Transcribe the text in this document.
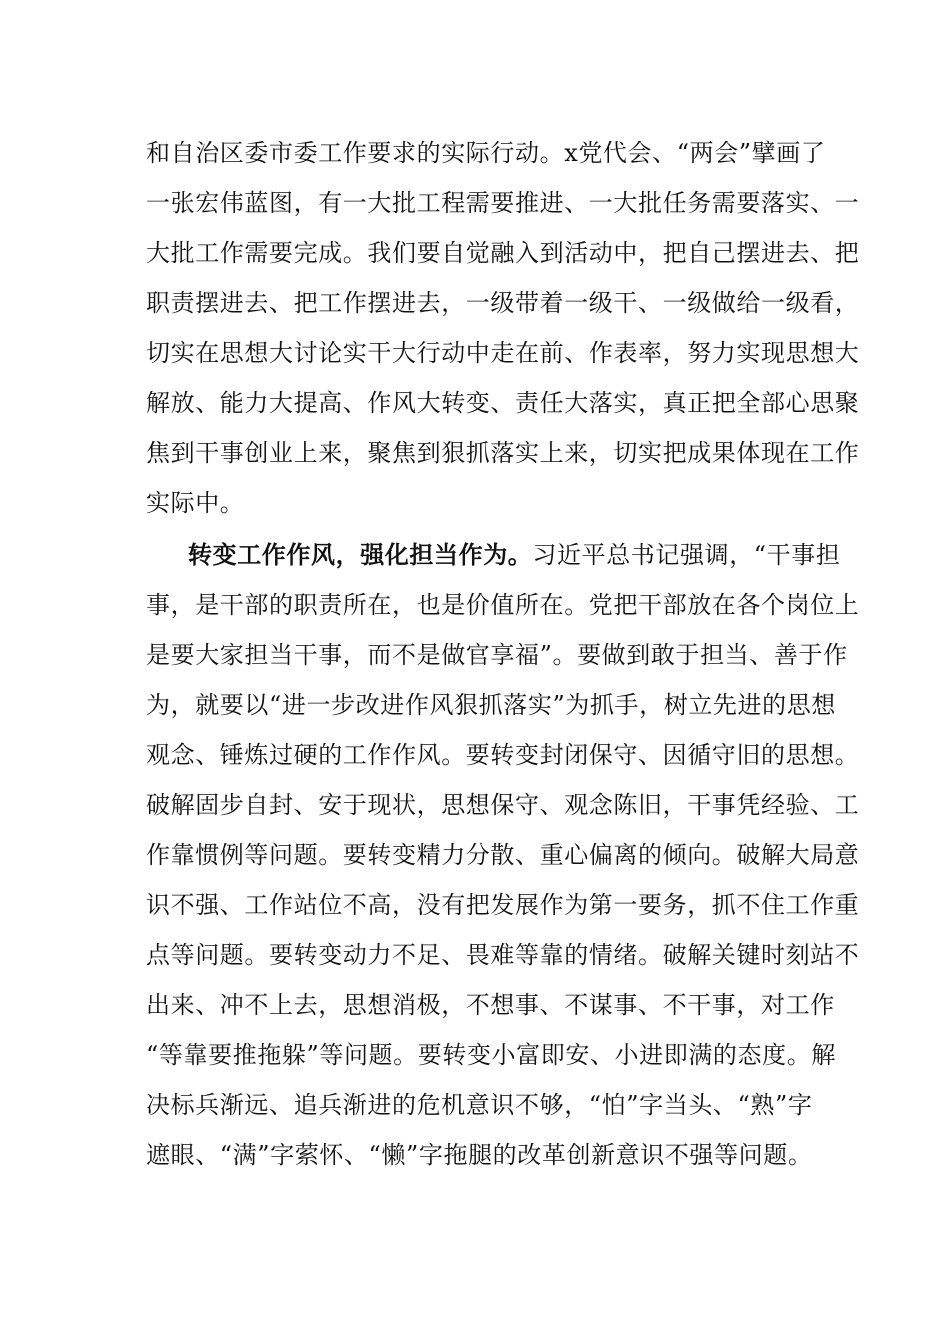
和自治区委市委工作要求的实际行动。x党代会、“两会”擘画了
一张宏伟蓝图，有一大批工程需要推进、一大批任务需要落实、一
大批工作需要完成。我们要自觉融入到活动中，把自己摆进去、把
职责摆进去、把工作摆进去，一级带着一级干、一级做给一级看，
切实在思想大讨论实干大行动中走在前、作表率，努力实现思想大
解放、能力大提高、作风大转变、责任大落实，真正把全部心思聚
焦到干事创业上来，聚焦到狠抓落实上来，切实把成果体现在工作
实际中。
转变工作作风，强化担当作为。习近平总书记强调，“干事担
事，是干部的职责所在，也是价值所在。党把干部放在各个岗位上
是要大家担当干事，而不是做官享福”。要做到敢于担当、善于作
为，就要以“进一步改进作风狠抓落实”为抓手，树立先进的思想
观念、锤炼过硬的工作作风。要转变封闭保守、因循守旧的思想。
破解固步自封、安于现状，思想保守、观念陈旧，干事凭经验、工
作靠惯例等问题。要转变精力分散、重心偏离的倾向。破解大局意
识不强、工作站位不高，没有把发展作为第一要务，抓不住工作重
点等问题。要转变动力不足、畏难等靠的情绪。破解关键时刻站不
出来、冲不上去，思想消极，不想事、不谋事、不干事，对工作
“等靠要推拖躲”等问题。要转变小富即安、小进即满的态度。解
决标兵渐远、追兵渐进的危机意识不够，“怕”字当头、“熟”字
遮眼、“满”字萦怀、“懒”字拖腿的改革创新意识不强等问题。
